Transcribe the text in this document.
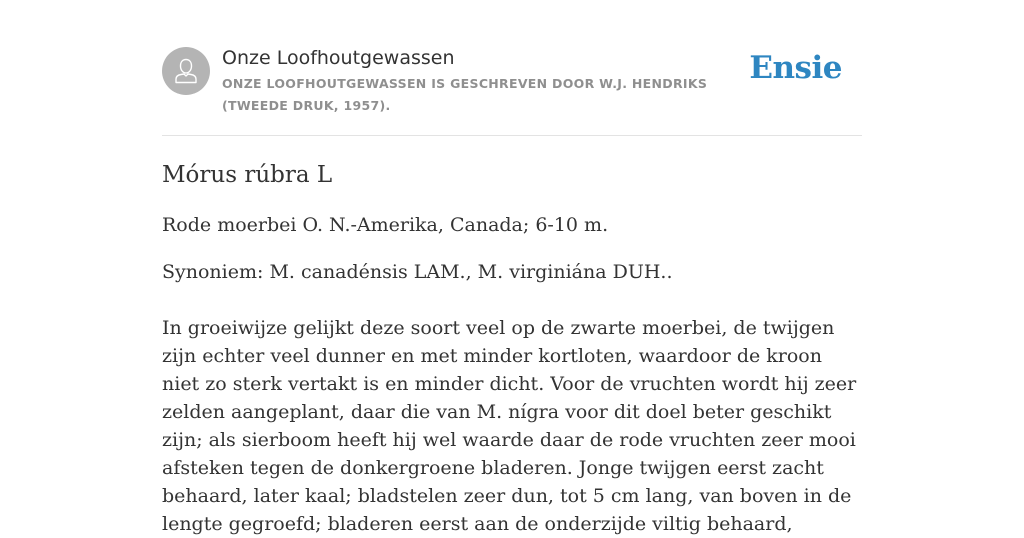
Onze Loofhoutgewassen
ONZE LOOFHOUTGEWASSEN IS GESCHREVEN DOOR W.J. HENDRIKS (TWEEDE DRUK, 1957).
Ensie
Mórus rúbra L

Rode moerbei O. N.-Amerika, Canada; 6-10 m.

Synoniem: M. canadénsis LAM., M. virginiána DUH..

In groeiwijze gelijkt deze soort veel op de zwarte moerbei, de twijgen zijn echter veel dunner en met minder kortloten, waardoor de kroon niet zo sterk vertakt is en minder dicht. Voor de vruchten wordt hij zeer zelden aangeplant, daar die van M. nígra voor dit doel beter geschikt zijn; als sierboom heeft hij wel waarde daar de rode vruchten zeer mooi afsteken tegen de donkergroene bladeren. Jonge twijgen eerst zacht behaard, later kaal; bladstelen zeer dun, tot 5 cm lang, van boven in de lengte gegroefd; bladeren eerst aan de onderzijde viltig behaard,
